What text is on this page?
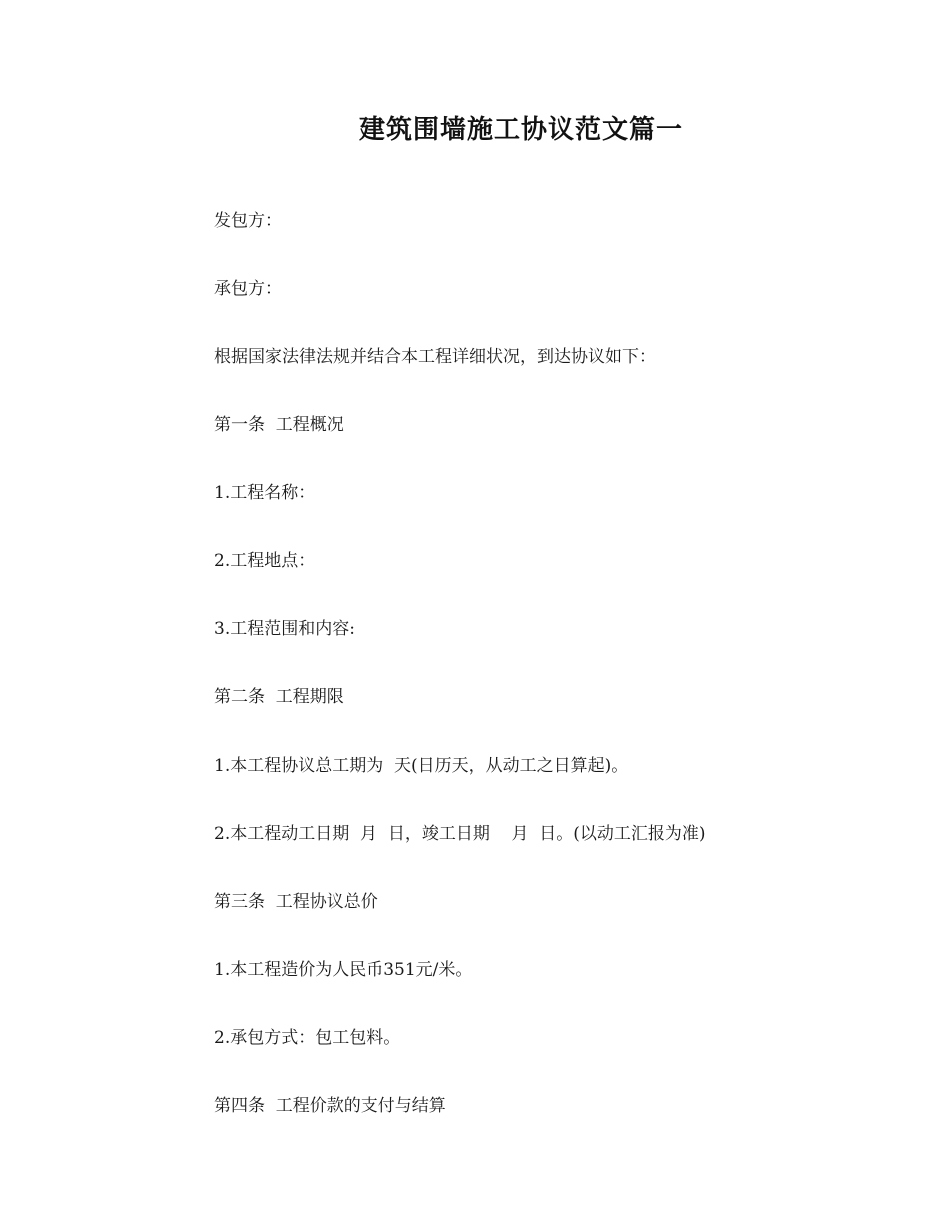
建筑围墙施工协议范文篇一
发包方：
承包方：
根据国家法律法规并结合本工程详细状况，到达协议如下：
第一条  工程概况
1.工程名称：
2.工程地点：
3.工程范围和内容:
第二条  工程期限
1.本工程协议总工期为  天(日历天，从动工之日算起)。
2.本工程动工日期  月  日，竣工日期    月  日。(以动工汇报为准)
第三条  工程协议总价
1.本工程造价为人民币351元/米。
2.承包方式：包工包料。
第四条  工程价款的支付与结算
